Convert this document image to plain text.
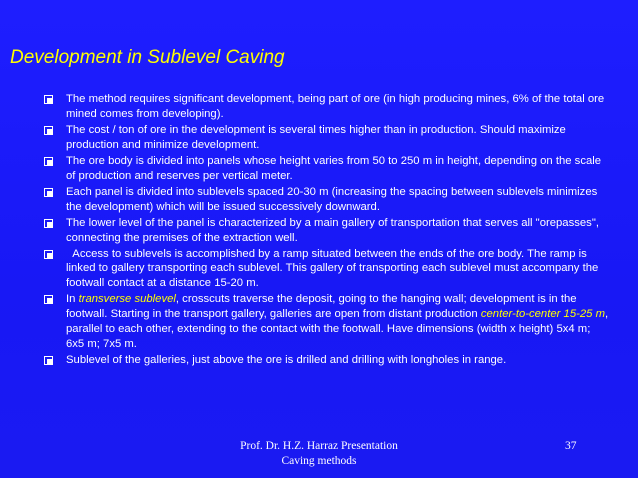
Development in Sublevel Caving
The method requires significant development, being part of ore (in high producing mines, 6% of the total ore mined comes from developing).
The cost / ton of ore in the development is several times higher than in production. Should maximize production and minimize development.
The ore body is divided into panels whose height varies from 50 to 250 m in height, depending on the scale of production and reserves per vertical meter.
Each panel is divided into sublevels spaced 20-30 m (increasing the spacing between sublevels minimizes the development) which will be issued successively downward.
The lower level of the panel is characterized by a main gallery of transportation that serves all "orepasses", connecting the premises of the extraction well.
Access to sublevels is accomplished by a ramp situated between the ends of the ore body. The ramp is linked to gallery transporting each sublevel. This gallery of transporting each sublevel must accompany the footwall contact at a distance 15-20 m.
In transverse sublevel, crosscuts traverse the deposit, going to the hanging wall; development is in the footwall. Starting in the transport gallery, galleries are open from distant production center-to-center 15-25 m, parallel to each other, extending to the contact with the footwall. Have dimensions (width x height) 5x4 m; 6x5 m; 7x5 m.
Sublevel of the galleries, just above the ore is drilled and drilling with longholes in range.
Prof. Dr. H.Z. Harraz Presentation
Caving methods
37
